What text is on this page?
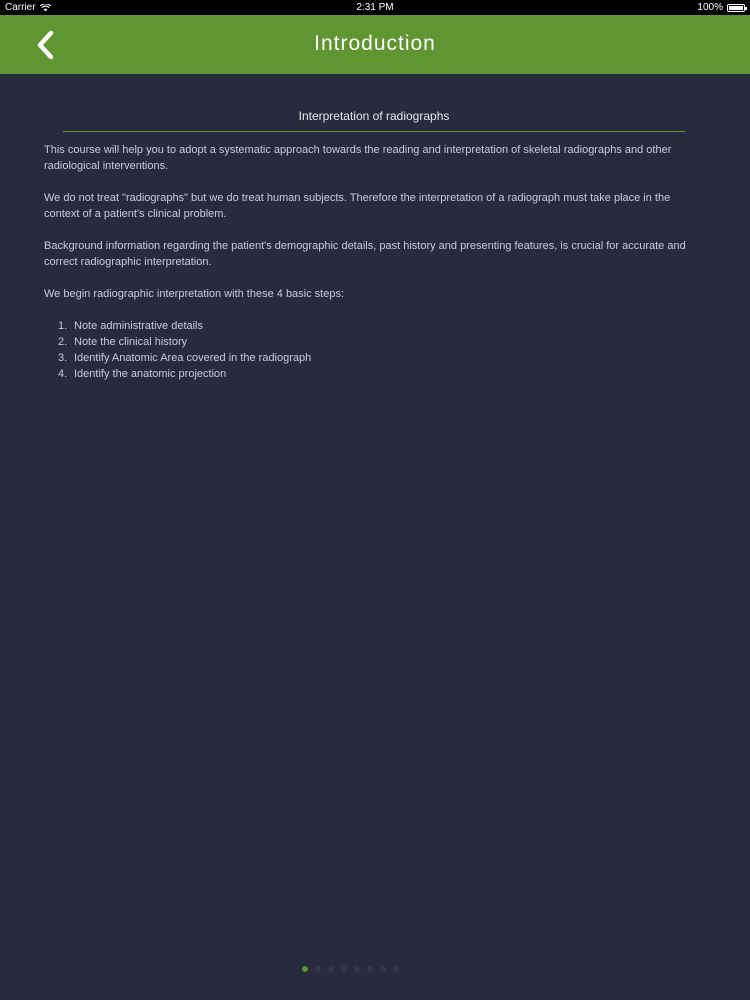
Carrier	2:31 PM	100%
Introduction
Interpretation of radiographs

This course will help you to adopt a systematic approach towards the reading and interpretation of skeletal radiographs and other radiological interventions.

We do not treat "radiographs" but we do treat human subjects. Therefore the interpretation of a radiograph must take place in the context of a patient's clinical problem.

Background information regarding the patient's demographic details, past history and presenting features, is crucial for accurate and correct radiographic interpretation.

We begin radiographic interpretation with these 4 basic steps:

1. Note administrative details
2. Note the clinical history
3. Identify Anatomic Area covered in the radiograph
4. Identify the anatomic projection
